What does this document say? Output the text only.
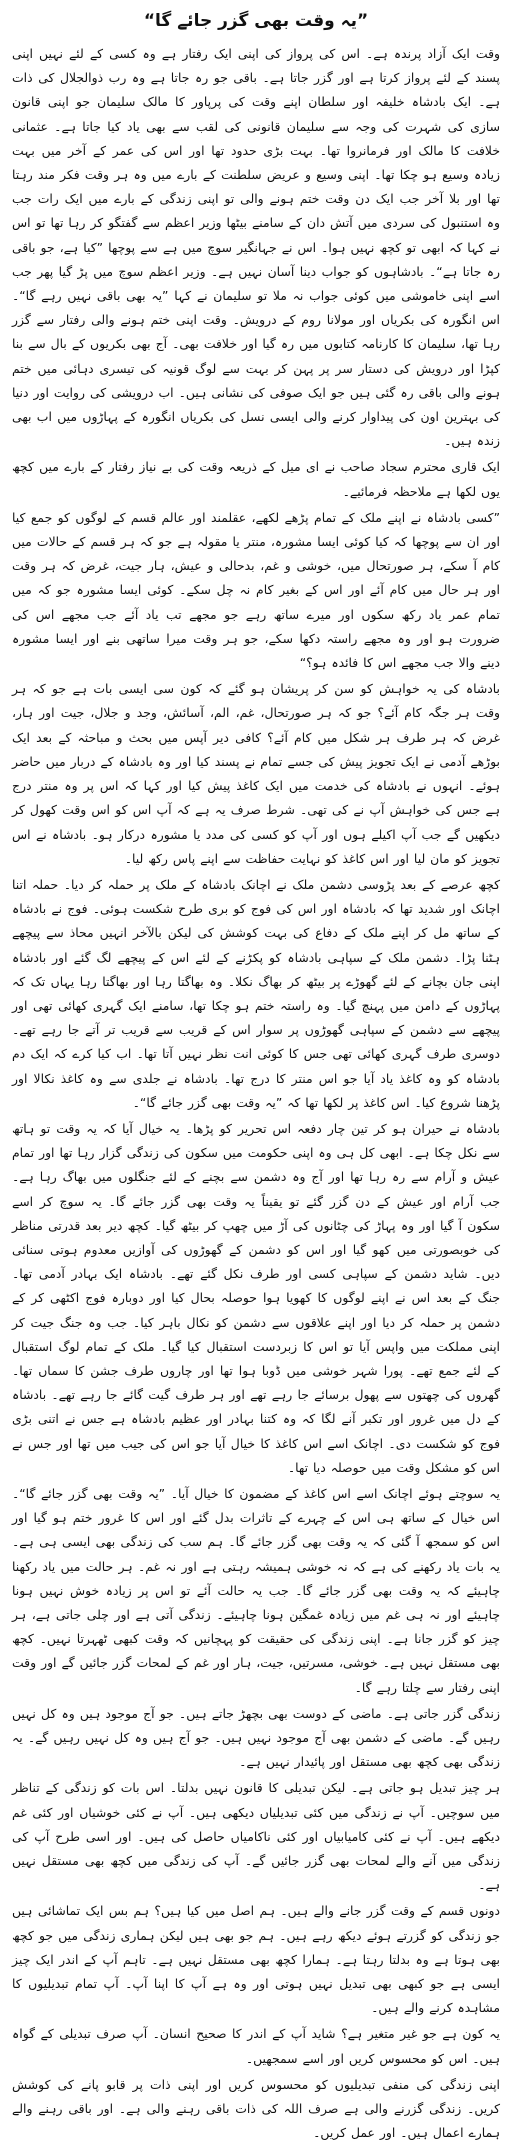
”یہ وقت بھی گزر جائے گا“

وقت ایک آزاد پرندہ ہے۔ اس کی پرواز کی اپنی ایک رفتار ہے وہ کسی کے لئے نہیں اپنی پسند کے لئے پرواز کرتا ہے اور گزر جاتا ہے۔ باقی جو رہ جاتا ہے وہ رب ذوالجلال کی ذات ہے۔ ایک بادشاہ خلیفہ اور سلطان اپنے وقت کی پرپاور کا مالک سلیمان جو اپنی قانون سازی کی شہرت کی وجہ سے سلیمان قانونی کی لقب سے بھی یاد کیا جاتا ہے۔ عثمانی خلافت کا مالک اور فرمانروا تھا۔ بہت بڑی حدود تھا اور اس کی عمر کے آخر میں بہت زیادہ وسیع ہو چکا تھا۔ اپنی وسیع و عریض سلطنت کے بارے میں وہ ہر وقت فکر مند رہتا تھا اور بلا آخر جب ایک دن وقت ختم ہونے والی تو اپنی زندگی کے بارے میں ایک رات جب وہ استنبول کی سردی میں آتش دان کے سامنے بیٹھا وزیر اعظم سے گفتگو کر رہا تھا تو اس نے کہا کہ ابھی تو کچھ نہیں ہوا۔ اس نے جہانگیر سوچ میں ہے سے پوچھا ”کیا ہے، جو باقی رہ جاتا ہے“۔ بادشاہوں کو جواب دینا آسان نہیں ہے۔ وزیر اعظم سوچ میں پڑ گیا پھر جب اسے اپنی خاموشی میں کوئی جواب نہ ملا تو سلیمان نے کہا ”یہ بھی باقی نہیں رہے گا“۔ اس انگورہ کی بکریاں اور مولانا روم کے درویش۔ وقت اپنی ختم ہونے والی رفتار سے گزر رہا تھا، سلیمان کا کارنامہ کتابوں میں رہ گیا اور خلافت بھی۔ آج بھی بکریوں کے بال سے بنا کپڑا اور درویش کی دستار سر پر پہن کر بہت سے لوگ قونیہ کی تیسری دہائی میں ختم ہونے والی باقی رہ گئی ہیں جو ایک صوفی کی نشانی ہیں۔ اب درویشی کی روایت اور دنیا کی بہترین اون کی پیداوار کرنے والی ایسی نسل کی بکریاں انگورہ کے پہاڑوں میں اب بھی زندہ ہیں۔

ایک قاری محترم سجاد صاحب نے ای میل کے ذریعہ وقت کی بے نیاز رفتار کے بارے میں کچھ یوں لکھا ہے ملاحظہ فرمائیے۔

”کسی بادشاہ نے اپنے ملک کے تمام پڑھے لکھے، عقلمند اور عالم قسم کے لوگوں کو جمع کیا اور ان سے پوچھا کہ کیا کوئی ایسا مشورہ، منتر یا مقولہ ہے جو کہ ہر قسم کے حالات میں کام آ سکے، ہر صورتحال میں، خوشی و غم، بدحالی و عیش، ہار جیت، غرض کہ ہر وقت اور ہر حال میں کام آئے اور اس کے بغیر کام نہ چل سکے۔ کوئی ایسا مشورہ جو کہ میں تمام عمر یاد رکھ سکوں اور میرے ساتھ رہے جو مجھے تب یاد آئے جب مجھے اس کی ضرورت ہو اور وہ مجھے راستہ دکھا سکے، جو ہر وقت میرا ساتھی بنے اور ایسا مشورہ دینے والا جب مجھے اس کا فائدہ ہو؟“

بادشاہ کی یہ خواہش کو سن کر پریشان ہو گئے کہ کون سی ایسی بات ہے جو کہ ہر وقت ہر جگہ کام آئے؟ جو کہ ہر صورتحال، غم، الم، آسائش، وجد و جلال، جیت اور ہار، غرض کہ ہر طرف ہر شکل میں کام آئے؟ کافی دیر آپس میں بحث و مباحثہ کے بعد ایک بوڑھے آدمی نے ایک تجویز پیش کی جسے تمام نے پسند کیا اور وہ بادشاہ کے دربار میں حاضر ہوئے۔ انہوں نے بادشاہ کی خدمت میں ایک کاغذ پیش کیا اور کہا کہ اس پر وہ منتر درج ہے جس کی خواہش آپ نے کی تھی۔ شرط صرف یہ ہے کہ آپ اس کو اس وقت کھول کر دیکھیں گے جب آپ اکیلے ہوں اور آپ کو کسی کی مدد یا مشورہ درکار ہو۔ بادشاہ نے اس تجویز کو مان لیا اور اس کاغذ کو نہایت حفاظت سے اپنے پاس رکھ لیا۔

کچھ عرصے کے بعد پڑوسی دشمن ملک نے اچانک بادشاہ کے ملک پر حملہ کر دیا۔ حملہ اتنا اچانک اور شدید تھا کہ بادشاہ اور اس کی فوج کو بری طرح شکست ہوئی۔ فوج نے بادشاہ کے ساتھ مل کر اپنے ملک کے دفاع کی بہت کوشش کی لیکن بالآخر انہیں محاذ سے پیچھے ہٹنا پڑا۔ دشمن ملک کے سپاہی بادشاہ کو پکڑنے کے لئے اس کے پیچھے لگ گئے اور بادشاہ اپنی جان بچانے کے لئے گھوڑے پر بیٹھ کر بھاگ نکلا۔ وہ بھاگتا رہا اور بھاگتا رہا یہاں تک کہ پہاڑوں کے دامن میں پہنچ گیا۔ وہ راستہ ختم ہو چکا تھا، سامنے ایک گہری کھائی تھی اور پیچھے سے دشمن کے سپاہی گھوڑوں پر سوار اس کے قریب سے قریب تر آتے جا رہے تھے۔ دوسری طرف گہری کھائی تھی جس کا کوئی انت نظر نہیں آتا تھا۔ اب کیا کرے کہ ایک دم بادشاہ کو وہ کاغذ یاد آیا جو اس منتر کا درج تھا۔ بادشاہ نے جلدی سے وہ کاغذ نکالا اور پڑھنا شروع کیا۔ اس کاغذ پر لکھا تھا کہ ”یہ وقت بھی گزر جائے گا“۔

بادشاہ نے حیران ہو کر تین چار دفعہ اس تحریر کو پڑھا۔ یہ خیال آیا کہ یہ وقت تو ہاتھ سے نکل چکا ہے۔ ابھی کل ہی وہ اپنی حکومت میں سکون کی زندگی گزار رہا تھا اور تمام عیش و آرام سے رہ رہا تھا اور آج وہ دشمن سے بچنے کے لئے جنگلوں میں بھاگ رہا ہے۔ جب آرام اور عیش کے دن گزر گئے تو یقیناً یہ وقت بھی گزر جائے گا۔ یہ سوچ کر اسے سکون آ گیا اور وہ پہاڑ کی چٹانوں کی آڑ میں چھپ کر بیٹھ گیا۔ کچھ دیر بعد قدرتی مناظر کی خوبصورتی میں کھو گیا اور اس کو دشمن کے گھوڑوں کی آوازیں معدوم ہوتی سنائی دیں۔ شاید دشمن کے سپاہی کسی اور طرف نکل گئے تھے۔ بادشاہ ایک بہادر آدمی تھا۔ جنگ کے بعد اس نے اپنے لوگوں کا کھویا ہوا حوصلہ بحال کیا اور دوبارہ فوج اکٹھی کر کے دشمن پر حملہ کر دیا اور اپنے علاقوں سے دشمن کو نکال باہر کیا۔ جب وہ جنگ جیت کر اپنی مملکت میں واپس آیا تو اس کا زبردست استقبال کیا گیا۔ ملک کے تمام لوگ استقبال کے لئے جمع تھے۔ پورا شہر خوشی میں ڈوبا ہوا تھا اور چاروں طرف جشن کا سماں تھا۔ گھروں کی چھتوں سے پھول برسائے جا رہے تھے اور ہر طرف گیت گائے جا رہے تھے۔ بادشاہ کے دل میں غرور اور تکبر آنے لگا کہ وہ کتنا بہادر اور عظیم بادشاہ ہے جس نے اتنی بڑی فوج کو شکست دی۔ اچانک اسے اس کاغذ کا خیال آیا جو اس کی جیب میں تھا اور جس نے اس کو مشکل وقت میں حوصلہ دیا تھا۔

یہ سوچتے ہوئے اچانک اسے اس کاغذ کے مضمون کا خیال آیا۔ ”یہ وقت بھی گزر جائے گا“۔ اس خیال کے ساتھ ہی اس کے چہرے کے تاثرات بدل گئے اور اس کا غرور ختم ہو گیا اور اس کو سمجھ آ گئی کہ یہ وقت بھی گزر جائے گا۔ ہم سب کی زندگی بھی ایسی ہی ہے۔ یہ بات یاد رکھنے کی ہے کہ نہ خوشی ہمیشہ رہتی ہے اور نہ غم۔ ہر حالت میں یاد رکھنا چاہیئے کہ یہ وقت بھی گزر جائے گا۔ جب یہ حالت آئے تو اس پر زیادہ خوش نہیں ہونا چاہیئے اور نہ ہی غم میں زیادہ غمگین ہونا چاہیئے۔ زندگی آتی ہے اور چلی جاتی ہے، ہر چیز کو گزر جانا ہے۔ اپنی زندگی کی حقیقت کو پہچانیں کہ وقت کبھی ٹھہرتا نہیں۔ کچھ بھی مستقل نہیں ہے۔ خوشی، مسرتیں، جیت، ہار اور غم کے لمحات گزر جائیں گے اور وقت اپنی رفتار سے چلتا رہے گا۔

زندگی گزر جاتی ہے۔ ماضی کے دوست بھی بچھڑ جاتے ہیں۔ جو آج موجود ہیں وہ کل نہیں رہیں گے۔ ماضی کے دشمن بھی آج موجود نہیں ہیں۔ جو آج ہیں وہ کل نہیں رہیں گے۔ یہ زندگی بھی کچھ بھی مستقل اور پائیدار نہیں ہے۔

ہر چیز تبدیل ہو جاتی ہے۔ لیکن تبدیلی کا قانون نہیں بدلتا۔ اس بات کو زندگی کے تناظر میں سوچیں۔ آپ نے زندگی میں کئی تبدیلیاں دیکھی ہیں۔ آپ نے کئی خوشیاں اور کئی غم دیکھے ہیں۔ آپ نے کئی کامیابیاں اور کئی ناکامیاں حاصل کی ہیں۔ اور اسی طرح آپ کی زندگی میں آنے والے لمحات بھی گزر جائیں گے۔ آپ کی زندگی میں کچھ بھی مستقل نہیں ہے۔

دونوں قسم کے وقت گزر جانے والے ہیں۔ ہم اصل میں کیا ہیں؟ ہم بس ایک تماشائی ہیں جو زندگی کو گزرتے ہوئے دیکھ رہے ہیں۔ ہم جو بھی ہیں لیکن ہماری زندگی میں جو کچھ بھی ہوتا ہے وہ بدلتا رہتا ہے۔ ہمارا کچھ بھی مستقل نہیں ہے۔ تاہم آپ کے اندر ایک چیز ایسی ہے جو کبھی بھی تبدیل نہیں ہوتی اور وہ ہے آپ کا اپنا آپ۔ آپ تمام تبدیلیوں کا مشاہدہ کرنے والے ہیں۔

یہ کون ہے جو غیر متغیر ہے؟ شاید آپ کے اندر کا صحیح انسان۔ آپ صرف تبدیلی کے گواہ ہیں۔ اس کو محسوس کریں اور اسے سمجھیں۔

اپنی زندگی کی منفی تبدیلیوں کو محسوس کریں اور اپنی ذات پر قابو پانے کی کوشش کریں۔ زندگی گزرنے والی ہے صرف اللہ کی ذات باقی رہنے والی ہے۔ اور باقی رہنے والے ہمارے اعمال ہیں۔ اور عمل کریں۔
